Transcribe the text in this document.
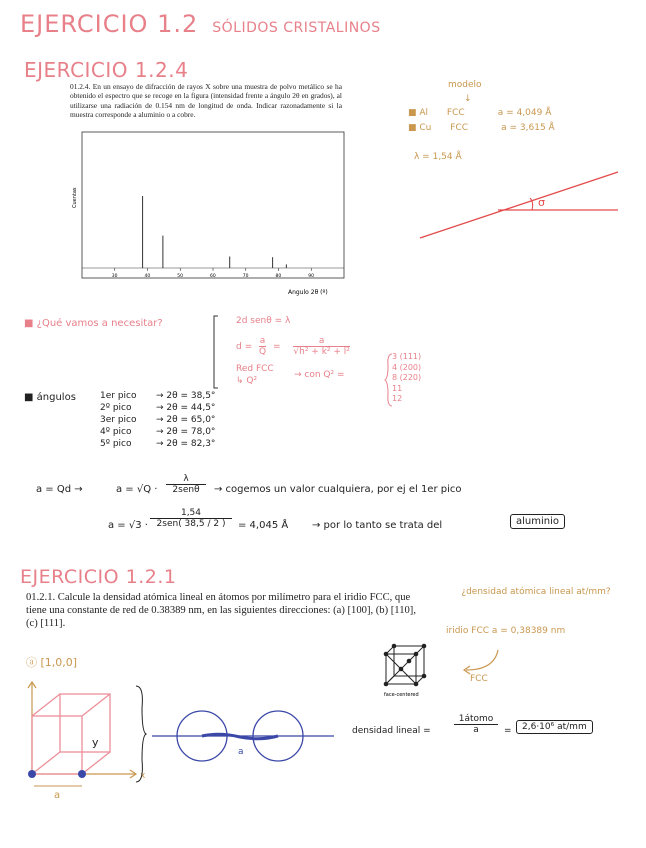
EJERCICIO 1.2 SÓLIDOS CRISTALINOS
EJERCICIO 1.2.4
01.2.4. En un ensayo de difracción de rayos X sobre una muestra de polvo metálico se ha obtenido el espectro que se recoge en la figura (intensidad frente a ángulo 2θ en grados), al utilizarse una radiación de 0.154 nm de longitud de onda. Indicar razonadamente si la muestra corresponde a aluminio o a cobre.
30	40	50	60	70	80	90
Cuentas
Angulo 2θ (º)
modelo
↓
■ Al FCC	a = 4,049 Å
■ Cu FCC	a = 3,615 Å
λ = 1,54 Å
σ
■ ¿Qué vamos a necesitar?	2d senθ = λ
$d = \frac{a}{Q} = \frac{a}{\text{√h² + k² + l²}}$
Red FCC
↳ Q²
→ con Q² =
3 (111)
4 (200)
8 (220)
11
12
■ ángulos	1er pico → 2θ = 38,5°
2º pico	→ 2θ = 44,5°
3er pico → 2θ = 65,0°
4º pico	→ 2θ = 78,0°
5º pico	→ 2θ = 82,3°
a = Qd →	a = √Q ·
λ
2senθ	→ cogemos un valor cualquiera, por ej el 1er pico
a = √3 ·
1,54
2sen( 38,5 / 2 )	= 4,045 Å → por lo tanto se trata del	aluminio
EJERCICIO 1.2.1
01.2.1. Calcule la densidad atómica lineal en átomos por milímetro para el iridio FCC, que tiene una constante de red de 0.38389 nm, en las siguientes direcciones: (a) [100], (b) [110], (c) [111].
¿densidad atómica lineal at/mm?
iridio FCC a = 0,38389 nm
face-centered
FCC
ⓐ [1,0,0]
y
x
a
a
densidad lineal =
1átomo
a	=	2,6·10⁶ at/mm
